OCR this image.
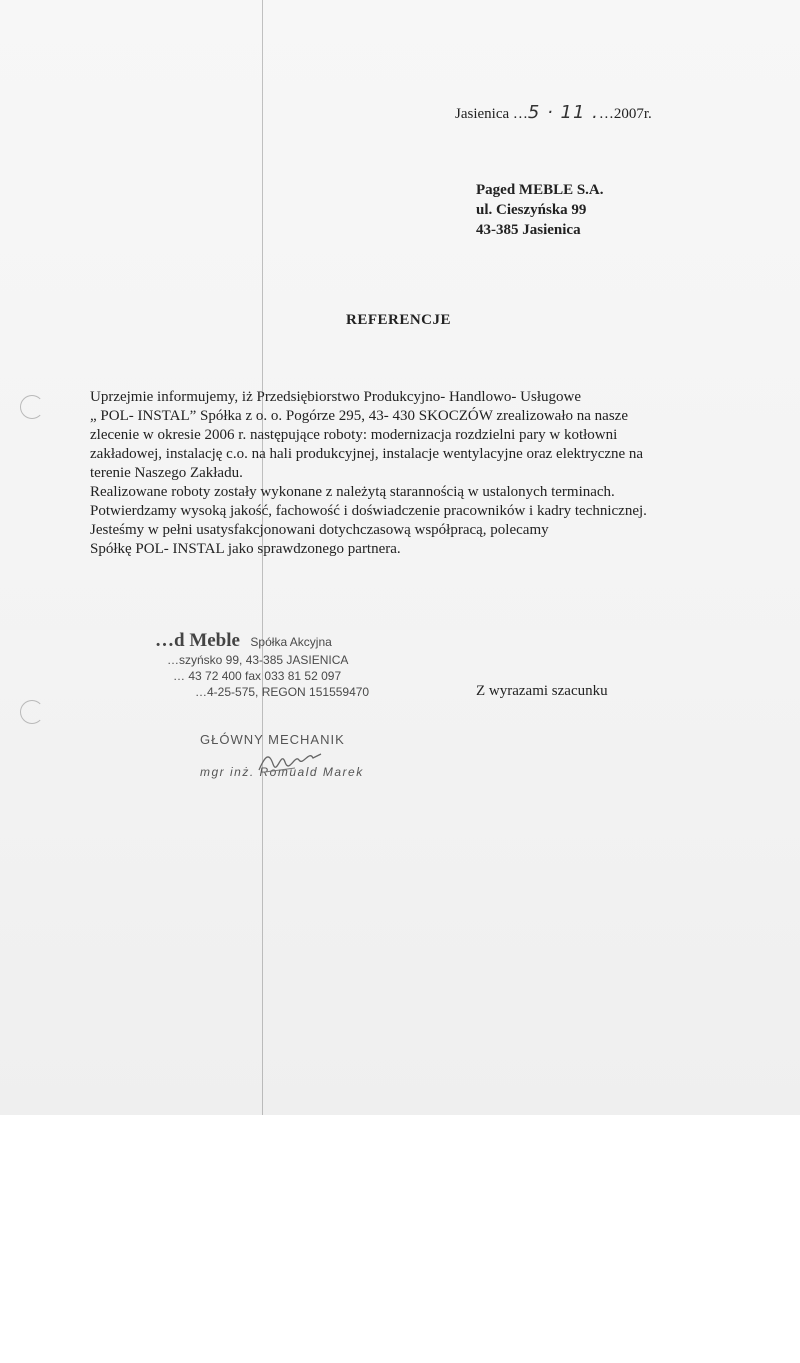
Jasienica …5 · 11 .…2007r.
Paged MEBLE S.A.
ul. Cieszyńska 99
43-385 Jasienica
REFERENCJE
Uprzejmie informujemy, iż Przedsiębiorstwo Produkcyjno- Handlowo- Usługowe
„ POL- INSTAL” Spółka z o. o. Pogórze 295, 43- 430 SKOCZÓW zrealizowało na nasze
zlecenie w okresie 2006 r. następujące roboty: modernizacja rozdzielni pary w kotłowni
zakładowej, instalację c.o. na hali produkcyjnej, instalacje wentylacyjne oraz elektryczne na
terenie Naszego Zakładu.
Realizowane roboty zostały wykonane z należytą starannością w ustalonych terminach.
Potwierdzamy wysoką jakość, fachowość i doświadczenie pracowników i kadry technicznej.
Jesteśmy w pełni usatysfakcjonowani dotychczasową współpracą, polecamy
Spółkę POL- INSTAL jako sprawdzonego partnera.
…d Meble Spółka Akcyjna
…szyńsko 99, 43-385 JASIENICA
… 43 72 400 fax 033 81 52 097
…4-25-575, REGON 151559470	Z wyrazami szacunku
GŁÓWNY MECHANIK
mgr inż. Romuald Marek
